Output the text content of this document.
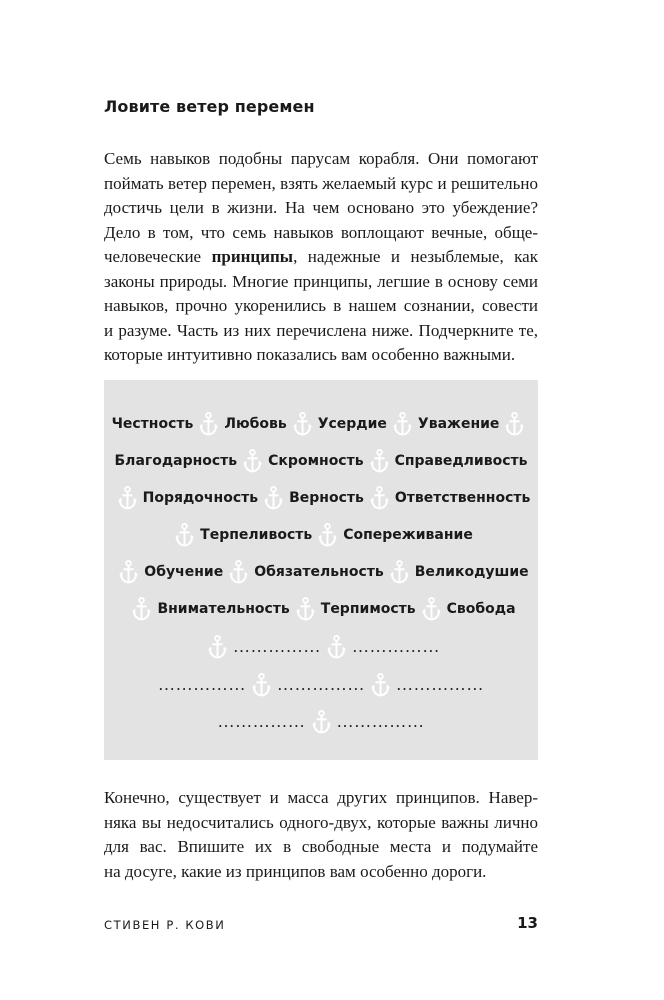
Ловите ветер перемен
Семь навыков подобны парусам корабля. Они помогают
поймать ветер перемен, взять желаемый курс и решительно
достичь цели в жизни. На чем основано это убеждение?
Дело в том, что семь навыков воплощают вечные, обще-
человеческие принципы, надежные и незыблемые, как
законы природы. Многие принципы, легшие в основу семи
навыков, прочно укоренились в нашем сознании, совести
и разуме. Часть из них перечислена ниже. Подчеркните те,
которые интуитивно показались вам особенно важными.
Честность Любовь Усердие Уважение
Благодарность Скромность Справедливость
Порядочность Верность Ответственность
Терпеливость Сопереживание
Обучение Обязательность Великодушие
Внимательность Терпимость Свобода
…………… ……………
…………… …………… ……………
…………… ……………
Конечно, существует и масса других принципов. Навер-
няка вы недосчитались одного-двух, которые важны лично
для вас. Впишите их в свободные места и подумайте
на досуге, какие из принципов вам особенно дороги.
СТИВЕН Р. КОВИ	13
